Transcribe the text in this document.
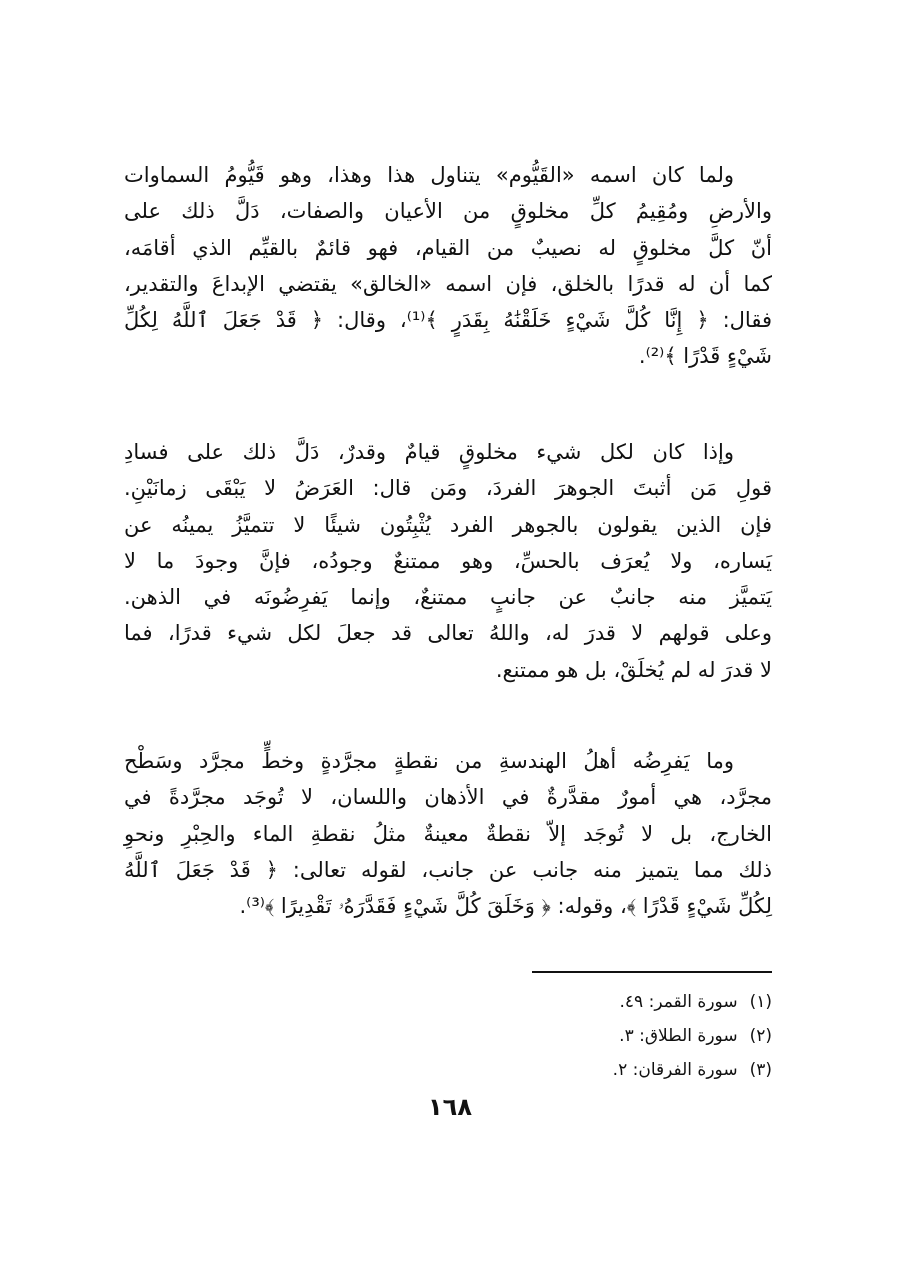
ولما كان اسمه «القَيُّوم» يتناول هذا وهذا، وهو قَيُّومُ السماوات
والأرضِ ومُقِيمُ كلِّ مخلوقٍ من الأعيان والصفات، دَلَّ ذلك على
أنّ كلَّ مخلوقٍ له نصيبٌ من القيام، فهو قائمٌ بالقيِّم الذي أقامَه،
كما أن له قدرًا بالخلق، فإن اسمه «الخالق» يقتضي الإبداعَ والتقدير،
فقال: ﴿ إِنَّا كُلَّ شَيْءٍ خَلَقْنَٰهُ بِقَدَرٍ ﴾⁽¹⁾، وقال: ﴿ قَدْ جَعَلَ ٱللَّهُ لِكُلِّ
شَيْءٍ قَدْرًا ﴾⁽²⁾.
وإذا كان لكل شيء مخلوقٍ قيامٌ وقدرٌ، دَلَّ ذلك على فسادِ
قولِ مَن أثبتَ الجوهرَ الفردَ، ومَن قال: العَرَضُ لا يَبْقَى زمانَيْنِ.
فإن الذين يقولون بالجوهر الفرد يُثْبِتُون شيئًا لا تتميَّزُ يمينُه عن
يَساره، ولا يُعرَف بالحسِّ، وهو ممتنعٌ وجودُه، فإنَّ وجودَ ما لا
يَتميَّز منه جانبٌ عن جانبٍ ممتنعٌ، وإنما يَفرِضُونَه في الذهن.
وعلى قولهم لا قدرَ له، واللهُ تعالى قد جعلَ لكل شيء قدرًا، فما
لا قدرَ له لم يُخلَقْ، بل هو ممتنع.
وما يَفرِضُه أهلُ الهندسةِ من نقطةٍ مجرَّدةٍ وخطٍّ مجرَّد وسَطْح
مجرَّد، هي أمورٌ مقدَّرةٌ في الأذهان واللسان، لا تُوجَد مجرَّدةً في
الخارج، بل لا تُوجَد إلاّ نقطةٌ معينةٌ مثلُ نقطةِ الماء والحِبْرِ ونحوِ
ذلك مما يتميز منه جانب عن جانب، لقوله تعالى: ﴿ قَدْ جَعَلَ ٱللَّهُ
لِكُلِّ شَيْءٍ قَدْرًا ﴾، وقوله: ﴿ وَخَلَقَ كُلَّ شَيْءٍ فَقَدَّرَهُۥ تَقْدِيرًا ﴾⁽³⁾.
(١)سورة القمر: ٤٩.
(٢)سورة الطلاق: ٣.
(٣)سورة الفرقان: ٢.
١٦٨
